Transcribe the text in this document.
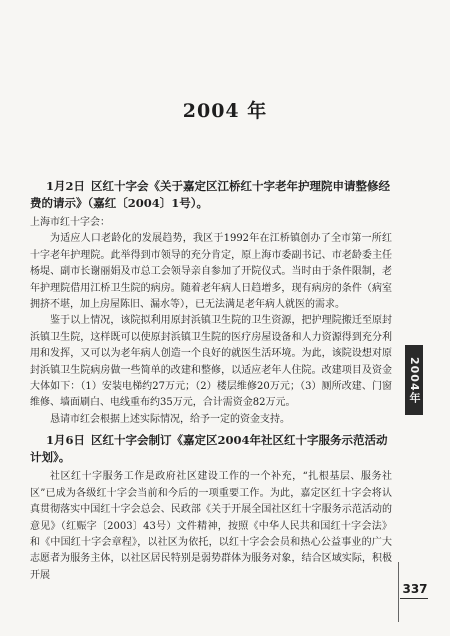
2004 年

1月2日 区红十字会《关于嘉定区江桥红十字老年护理院申请整修经费的请示》（嘉红〔2004〕1号）。

上海市红十字会：

为适应人口老龄化的发展趋势，我区于1992年在江桥镇创办了全市第一所红十字老年护理院。此举得到市领导的充分肯定，原上海市委副书记、市老龄委主任杨堤、副市长谢丽娟及市总工会领导亲自参加了开院仪式。当时由于条件限制，老年护理院借用江桥卫生院的病房。随着老年病人日趋增多，现有病房的条件（病室拥挤不堪，加上房屋陈旧、漏水等），已无法满足老年病人就医的需求。

鉴于以上情况，该院拟利用原封浜镇卫生院的卫生资源，把护理院搬迁至原封浜镇卫生院，这样既可以使原封浜镇卫生院的医疗房屋设备和人力资源得到充分利用和发挥，又可以为老年病人创造一个良好的就医生活环境。为此，该院设想对原封浜镇卫生院病房做一些简单的改建和整修，以适应老年人住院。改建项目及资金大体如下：（1）安装电梯约27万元；（2）楼层维修20万元；（3）厕所改建、门窗维修、墙面刷白、电线重布约35万元，合计需资金82万元。

恳请市红会根据上述实际情况，给予一定的资金支持。

1月6日 区红十字会制订《嘉定区2004年社区红十字服务示范活动计划》。

社区红十字服务工作是政府社区建设工作的一个补充，“扎根基层、服务社区”已成为各级红十字会当前和今后的一项重要工作。为此，嘉定区红十字会将认真贯彻落实中国红十字会总会、民政部《关于开展全国社区红十字服务示范活动的意见》（红赈字〔2003〕43号）文件精神，按照《中华人民共和国红十字会法》和《中国红十字会章程》，以社区为依托，以红十字会会员和热心公益事业的广大志愿者为服务主体，以社区居民特别是弱势群体为服务对象，结合区域实际，积极开展

2004年
337
